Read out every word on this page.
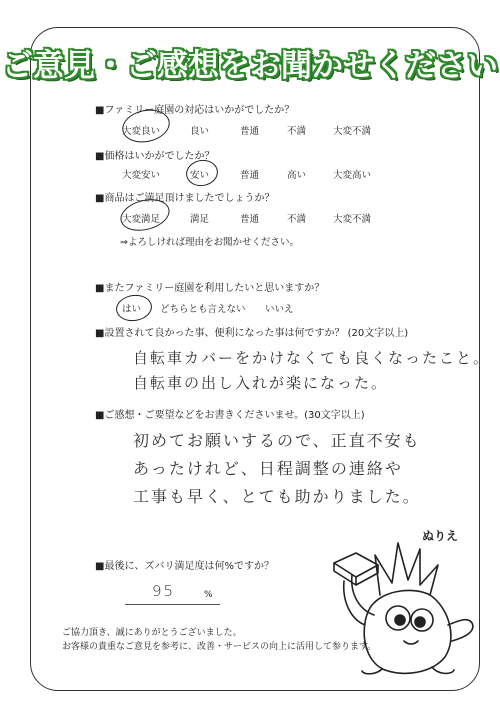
ご意見・ご感想をお聞かせください
■ファミリー庭園の対応はいかがでしたか？
大変良い	良い	普通	不満	大変不満
■価格はいかがでしたか？
大変安い	安い	普通	高い	大変高い
■商品はご満足頂けましたでしょうか？
大変満足	満足	普通	不満	大変不満
⇒よろしければ理由をお聞かせください。
■またファミリー庭園を利用したいと思いますか？
はい どちらとも言えない いいえ
■設置されて良かった事、便利になった事は何ですか？ (20文字以上)
自転車カバーをかけなくても良くなったこと。
自転車の出し入れが楽になった。
■ご感想・ご要望などをお書きくださいませ。(30文字以上)
初めてお願いするので、正直不安も
あったけれど、日程調整の連絡や
工事も早く、とても助かりました。
■最後に、ズバリ満足度は何%ですか？
95	%
ご協力頂き、誠にありがとうございました。
お客様の貴重なご意見を参考に、改善・サービスの向上に活用して参ります。
ぬりえ
